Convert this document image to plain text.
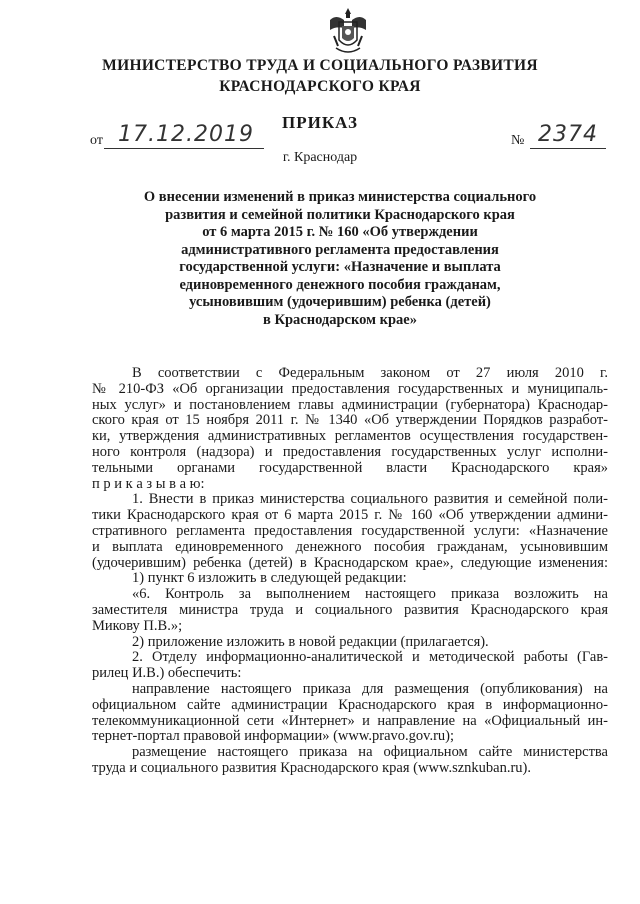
МИНИСТЕРСТВО ТРУДА И СОЦИАЛЬНОГО РАЗВИТИЯ
КРАСНОДАРСКОГО КРАЯ
ПРИКАЗ
от 17.12.2019	№ 2374
г. Краснодар
О внесении изменений в приказ министерства социального
развития и семейной политики Краснодарского края
от 6 марта 2015 г. № 160 «Об утверждении
административного регламента предоставления
государственной услуги: «Назначение и выплата
единовременного денежного пособия гражданам,
усыновившим (удочерившим) ребенка (детей)
в Краснодарском крае»
В соответствии с Федеральным законом от 27 июля 2010 г.
№ 210-ФЗ «Об организации предоставления государственных и муниципаль-
ных услуг» и постановлением главы администрации (губернатора) Краснодар-
ского края от 15 ноября 2011 г. № 1340 «Об утверждении Порядков разработ-
ки, утверждения административных регламентов осуществления государствен-
ного контроля (надзора) и предоставления государственных услуг исполни-
тельными органами государственной власти Краснодарского края»
п р и к а з ы в а ю:
1. Внести в приказ министерства социального развития и семейной поли-
тики Краснодарского края от 6 марта 2015 г. № 160 «Об утверждении админи-
стративного регламента предоставления государственной услуги: «Назначение
и выплата единовременного денежного пособия гражданам, усыновившим
(удочерившим) ребенка (детей) в Краснодарском крае», следующие изменения:
1) пункт 6 изложить в следующей редакции:
«6. Контроль за выполнением настоящего приказа возложить на
заместителя министра труда и социального развития Краснодарского края
Микову П.В.»;
2) приложение изложить в новой редакции (прилагается).
2. Отделу информационно-аналитической и методической работы (Гав-
рилец И.В.) обеспечить:
направление настоящего приказа для размещения (опубликования) на
официальном сайте администрации Краснодарского края в информационно-
телекоммуникационной сети «Интернет» и направление на «Официальный ин-
тернет-портал правовой информации» (www.pravo.gov.ru);
размещение настоящего приказа на официальном сайте министерства
труда и социального развития Краснодарского края (www.sznkuban.ru).
